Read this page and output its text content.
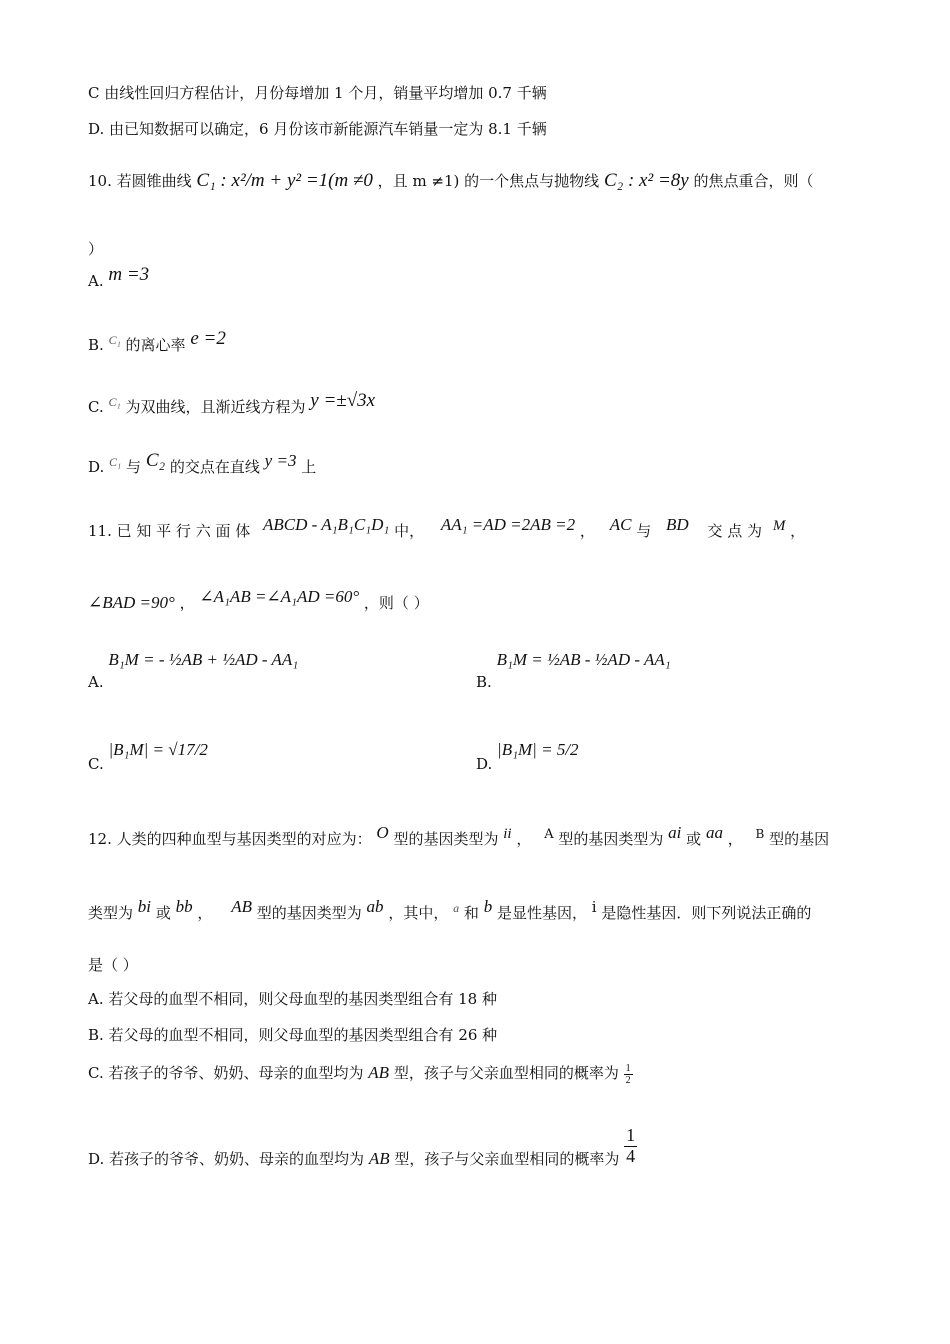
C 由线性回归方程估计，月份每增加 1 个月，销量平均增加 0.7 千辆
D. 由已知数据可以确定，6 月份该市新能源汽车销量一定为 8.1 千辆
10. 若圆锥曲线 C₁ : x²/m + y² =1(m ≠0 ，且 m ≠1) 的一个焦点与抛物线 C₂ : x² =8y 的焦点重合，则（
）
A. m =3
B. $^{C_1}$ 的离心率 e =2
C. $^{C_1}$ 为双曲线，且渐近线方程为 y =±√3x
D. $^{C_1}$ 与 C₂ 的交点在直线 y =3 上
11. 已 知 平 行 六 面 体 ABCD - A₁B₁C₁D₁ 中， AA₁ =AD =2AB =2 ， AC 与 BD 交 点 为 M ，
∠BAD =90° ， ∠A₁AB =∠A₁AD =60° ，则（ ）
A. B₁M = - ½AB + ½AD - AA₁
B. B₁M = ½AB - ½AD - AA₁
C. |B₁M| = √17/2
D. |B₁M| = 5/2
12. 人类的四种血型与基因类型的对应为： O 型的基因类型为 ii ， A 型的基因类型为 ai 或 aa ， $^B$ 型的基因
类型为 bi 或 bb ， AB 型的基因类型为 ab ，其中， $^a$ 和 b 是显性基因， i 是隐性基因．则下列说法正确的
是（ ）
A. 若父母的血型不相同，则父母血型的基因类型组合有 18 种
B. 若父母的血型不相同，则父母血型的基因类型组合有 26 种
C. 若孩子的爷爷、奶奶、母亲的血型均为 AB 型，孩子与父亲血型相同的概率为 $\frac{1}{2}$
D. 若孩子的爷爷、奶奶、母亲的血型均为 AB 型，孩子与父亲血型相同的概率为 $\frac{1}{4}$
